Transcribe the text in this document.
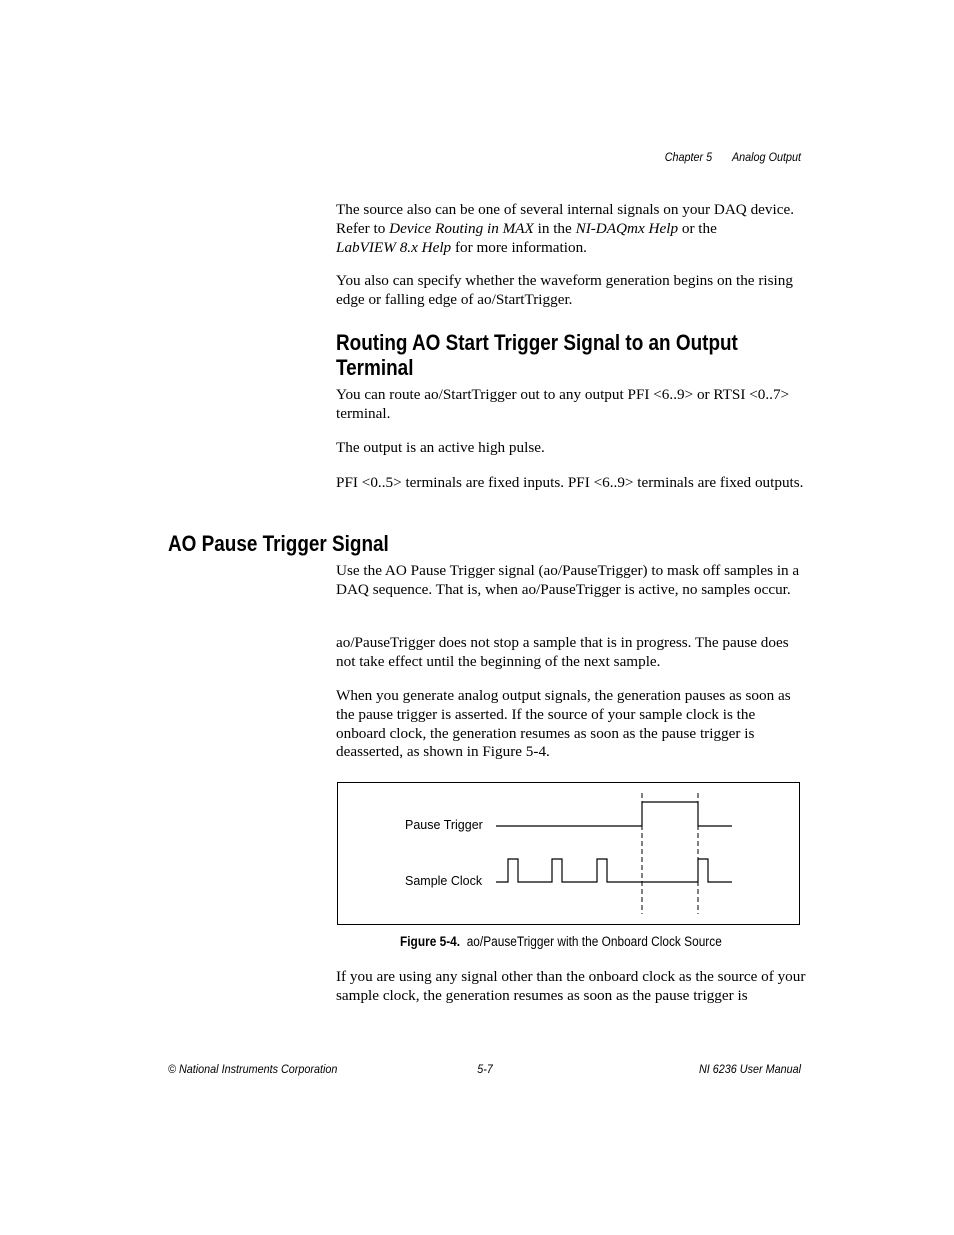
Chapter 5 Analog Output

The source also can be one of several internal signals on your DAQ device. Refer to Device Routing in MAX in the NI-DAQmx Help or the
LabVIEW 8.x Help for more information.

You also can specify whether the waveform generation begins on the rising edge or falling edge of ao/StartTrigger.

Routing AO Start Trigger Signal to an Output Terminal

You can route ao/StartTrigger out to any output PFI <6..9> or RTSI <0..7> terminal.

The output is an active high pulse.

PFI <0..5> terminals are fixed inputs. PFI <6..9> terminals are fixed outputs.

AO Pause Trigger Signal

Use the AO Pause Trigger signal (ao/PauseTrigger) to mask off samples in a DAQ sequence. That is, when ao/PauseTrigger is active, no samples occur.

ao/PauseTrigger does not stop a sample that is in progress. The pause does not take effect until the beginning of the next sample.

When you generate analog output signals, the generation pauses as soon as the pause trigger is asserted. If the source of your sample clock is the onboard clock, the generation resumes as soon as the pause trigger is deasserted, as shown in Figure 5-4.

Pause Trigger
Sample Clock
Figure 5-4. ao/PauseTrigger with the Onboard Clock Source

If you are using any signal other than the onboard clock as the source of your sample clock, the generation resumes as soon as the pause trigger is

© National Instruments Corporation	5-7	NI 6236 User Manual
